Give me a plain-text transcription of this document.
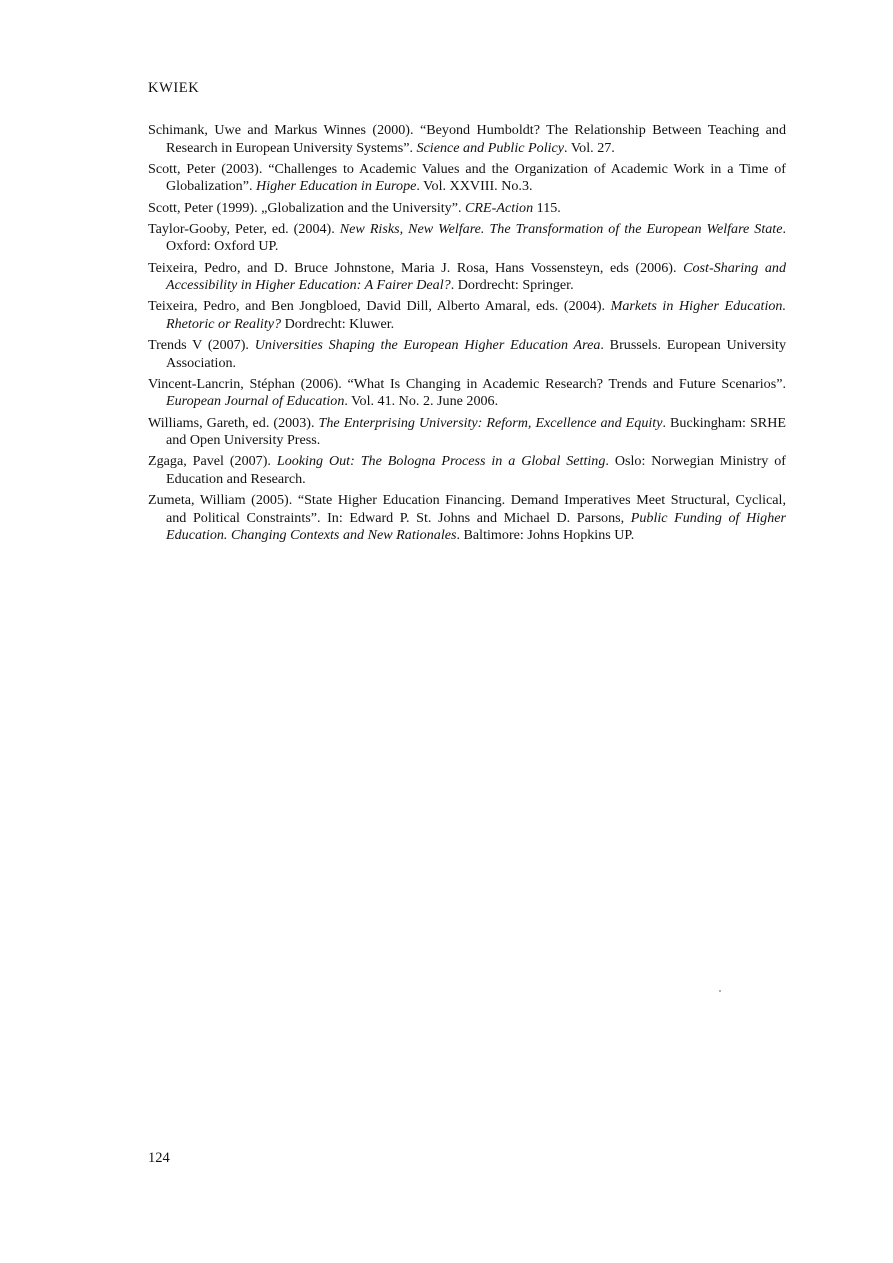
KWIEK
Schimank, Uwe and Markus Winnes (2000). “Beyond Humboldt? The Relationship Between Teaching and Research in European University Systems”. Science and Public Policy. Vol. 27.
Scott, Peter (2003). “Challenges to Academic Values and the Organization of Academic Work in a Time of Globalization”. Higher Education in Europe. Vol. XXVIII. No.3.
Scott, Peter (1999). „Globalization and the University”. CRE-Action 115.
Taylor-Gooby, Peter, ed. (2004). New Risks, New Welfare. The Transformation of the European Welfare State. Oxford: Oxford UP.
Teixeira, Pedro, and D. Bruce Johnstone, Maria J. Rosa, Hans Vossensteyn, eds (2006). Cost-Sharing and Accessibility in Higher Education: A Fairer Deal?. Dordrecht: Springer.
Teixeira, Pedro, and Ben Jongbloed, David Dill, Alberto Amaral, eds. (2004). Markets in Higher Education. Rhetoric or Reality? Dordrecht: Kluwer.
Trends V (2007). Universities Shaping the European Higher Education Area. Brussels. European University Association.
Vincent-Lancrin, Stéphan (2006). “What Is Changing in Academic Research? Trends and Future Scenarios”. European Journal of Education. Vol. 41. No. 2. June 2006.
Williams, Gareth, ed. (2003). The Enterprising University: Reform, Excellence and Equity. Buckingham: SRHE and Open University Press.
Zgaga, Pavel (2007). Looking Out: The Bologna Process in a Global Setting. Oslo: Norwegian Ministry of Education and Research.
Zumeta, William (2005). “State Higher Education Financing. Demand Imperatives Meet Structural, Cyclical, and Political Constraints”. In: Edward P. St. Johns and Michael D. Parsons, Public Funding of Higher Education. Changing Contexts and New Rationales. Baltimore: Johns Hopkins UP.
124
